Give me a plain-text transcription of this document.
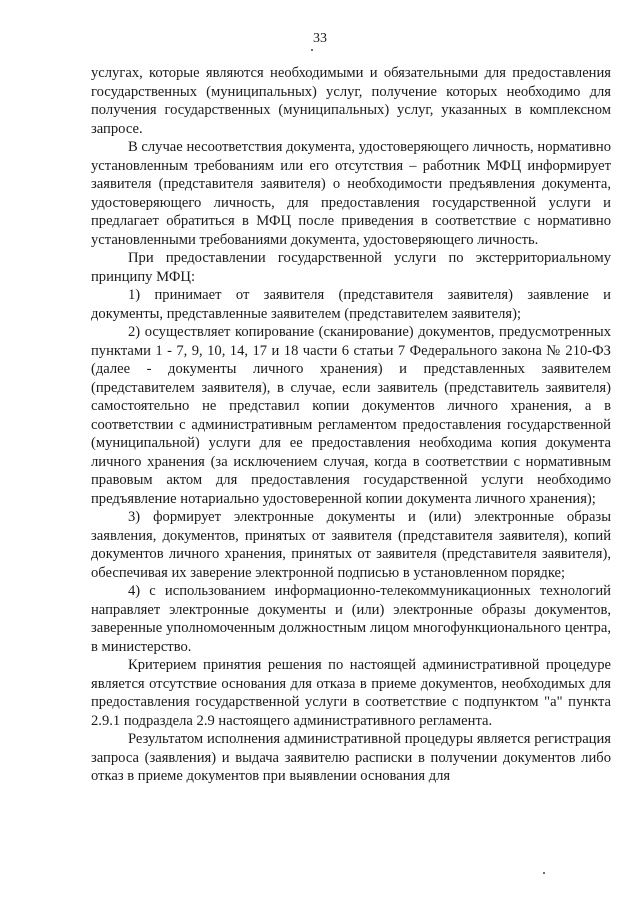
33

услугах, которые являются необходимыми и обязательными для предоставления государственных (муниципальных) услуг, получение которых необходимо для получения государственных (муниципальных) услуг, указанных в комплексном запросе.

В случае несоответствия документа, удостоверяющего личность, нормативно установленным требованиям или его отсутствия – работник МФЦ информирует заявителя (представителя заявителя) о необходимости предъявления документа, удостоверяющего личность, для предоставления государственной услуги и предлагает обратиться в МФЦ после приведения в соответствие с нормативно установленными требованиями документа, удостоверяющего личность.

При предоставлении государственной услуги по экстерриториальному принципу МФЦ:

1) принимает от заявителя (представителя заявителя) заявление и документы, представленные заявителем (представителем заявителя);

2) осуществляет копирование (сканирование) документов, предусмотренных пунктами 1 - 7, 9, 10, 14, 17 и 18 части 6 статьи 7 Федерального закона № 210-ФЗ (далее - документы личного хранения) и представленных заявителем (представителем заявителя), в случае, если заявитель (представитель заявителя) самостоятельно не представил копии документов личного хранения, а в соответствии с административным регламентом предоставления государственной (муниципальной) услуги для ее предоставления необходима копия документа личного хранения (за исключением случая, когда в соответствии с нормативным правовым актом для предоставления государственной услуги необходимо предъявление нотариально удостоверенной копии документа личного хранения);

3) формирует электронные документы и (или) электронные образы заявления, документов, принятых от заявителя (представителя заявителя), копий документов личного хранения, принятых от заявителя (представителя заявителя), обеспечивая их заверение электронной подписью в установленном порядке;

4) с использованием информационно-телекоммуникационных технологий направляет электронные документы и (или) электронные образы документов, заверенные уполномоченным должностным лицом многофункционального центра, в министерство.

Критерием принятия решения по настоящей административной процедуре является отсутствие основания для отказа в приеме документов, необходимых для предоставления государственной услуги в соответствие с подпунктом "а" пункта 2.9.1 подраздела 2.9 настоящего административного регламента.

Результатом исполнения административной процедуры является регистрация запроса (заявления) и выдача заявителю расписки в получении документов либо отказ в приеме документов при выявлении основания для
